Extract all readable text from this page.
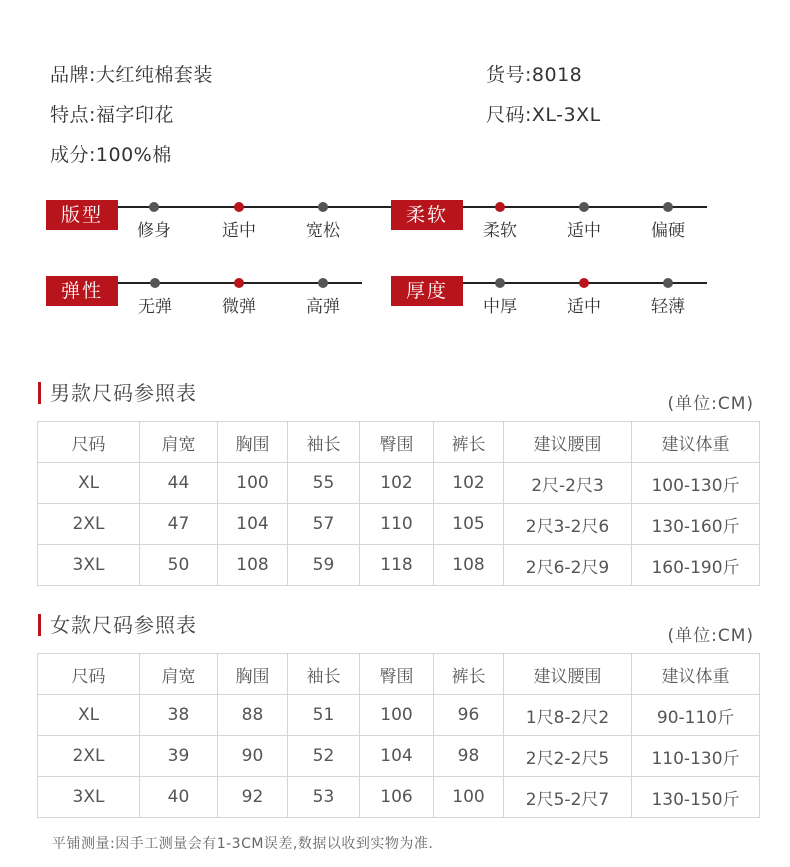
品牌:大红纯棉套装	货号:8018
特点:福字印花	尺码:XL-3XL
成分:100%棉
版型
修身	适中	宽松
柔软
柔软	适中	偏硬
弹性
无弹	微弹	高弹
厚度
中厚	适中	轻薄
男款尺码参照表	(单位:CM)
尺码	肩宽	胸围	袖长	臀围	裤长	建议腰围	建议体重
XL	44	100	55	102	102	2尺-2尺3	100-130斤
2XL	47	104	57	110	105	2尺3-2尺6	130-160斤
3XL	50	108	59	118	108	2尺6-2尺9	160-190斤
女款尺码参照表	(单位:CM)
尺码	肩宽	胸围	袖长	臀围	裤长	建议腰围	建议体重
XL	38	88	51	100	96	1尺8-2尺2	90-110斤
2XL	39	90	52	104	98	2尺2-2尺5	110-130斤
3XL	40	92	53	106	100	2尺5-2尺7	130-150斤
平铺测量:因手工测量会有1-3CM误差,数据以收到实物为准.
